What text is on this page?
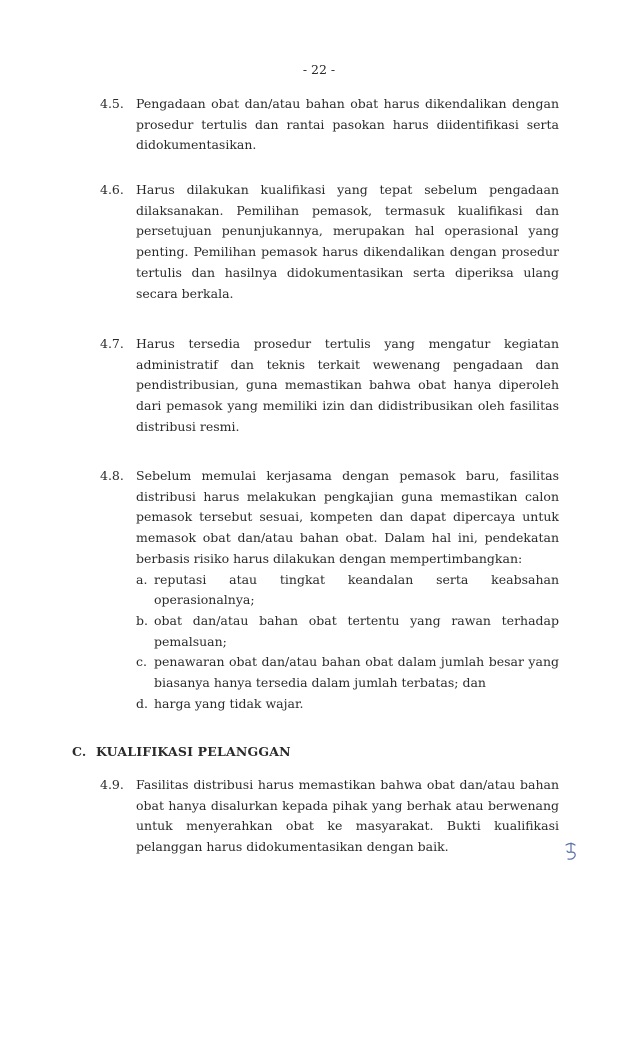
- 22 -
4.5. Pengadaan obat dan/atau bahan obat harus dikendalikan dengan prosedur tertulis dan rantai pasokan harus diidentifikasi serta didokumentasikan.
4.6. Harus dilakukan kualifikasi yang tepat sebelum pengadaan dilaksanakan. Pemilihan pemasok, termasuk kualifikasi dan persetujuan penunjukannya, merupakan hal operasional yang penting. Pemilihan pemasok harus dikendalikan dengan prosedur tertulis dan hasilnya didokumentasikan serta diperiksa ulang secara berkala.
4.7. Harus tersedia prosedur tertulis yang mengatur kegiatan administratif dan teknis terkait wewenang pengadaan dan pendistribusian, guna memastikan bahwa obat hanya diperoleh dari pemasok yang memiliki izin dan didistribusikan oleh fasilitas distribusi resmi.
4.8. Sebelum memulai kerjasama dengan pemasok baru, fasilitas distribusi harus melakukan pengkajian guna memastikan calon pemasok tersebut sesuai, kompeten dan dapat dipercaya untuk memasok obat dan/atau bahan obat. Dalam hal ini, pendekatan berbasis risiko harus dilakukan dengan mempertimbangkan:
a. reputasi atau tingkat keandalan serta keabsahan operasionalnya;
b. obat dan/atau bahan obat tertentu yang rawan terhadap pemalsuan;
c. penawaran obat dan/atau bahan obat dalam jumlah besar yang biasanya hanya tersedia dalam jumlah terbatas; dan
d. harga yang tidak wajar.
C. KUALIFIKASI PELANGGAN
4.9. Fasilitas distribusi harus memastikan bahwa obat dan/atau bahan obat hanya disalurkan kepada pihak yang berhak atau berwenang untuk menyerahkan obat ke masyarakat. Bukti kualifikasi pelanggan harus didokumentasikan dengan baik.
